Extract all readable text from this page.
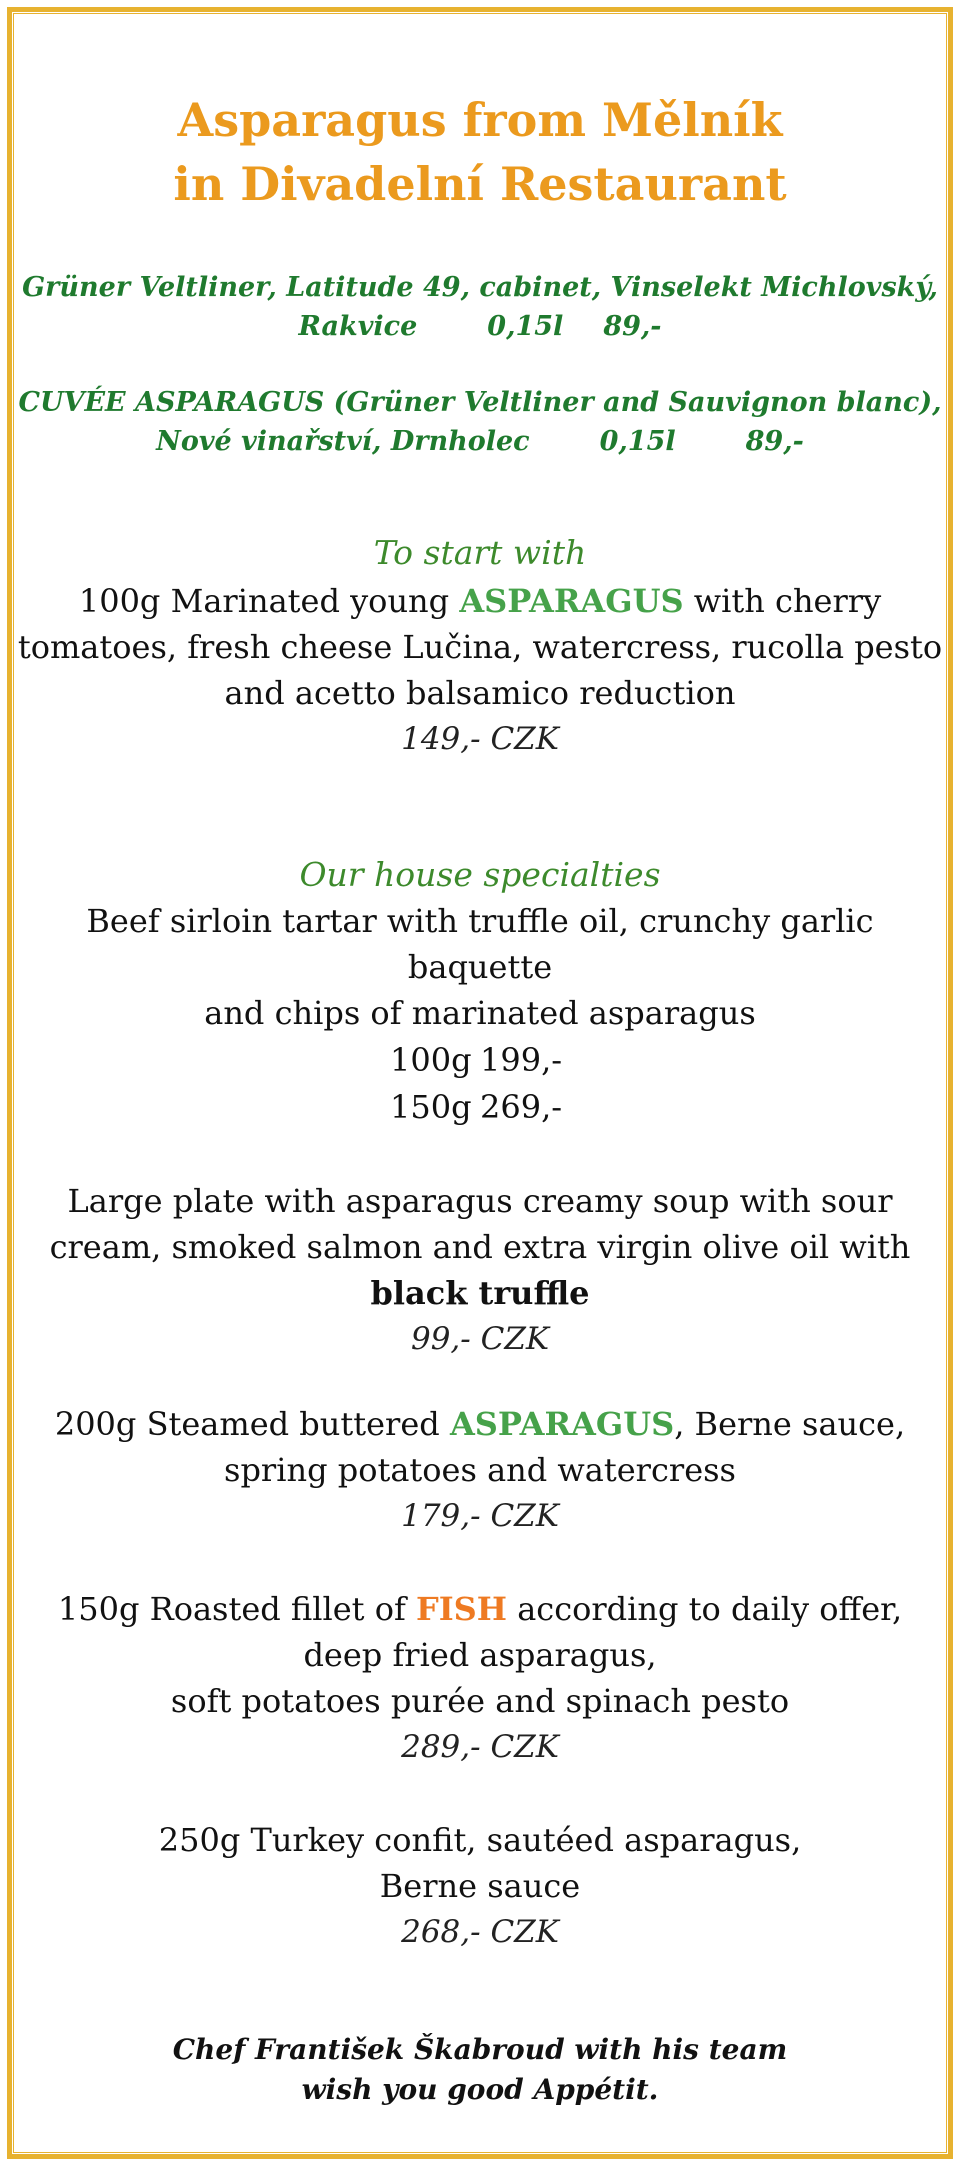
Asparagus from Mělník
in Divadelní Restaurant
Grüner Veltliner, Latitude 49, cabinet, Vinselekt Michlovský,
Rakvice	0,15l 89,-
CUVÉE ASPARAGUS (Grüner Veltliner and Sauvignon blanc),
Nové vinařství, Drnholec	0,15l	89,-
To start with
100g Marinated young ASPARAGUS with cherry
tomatoes, fresh cheese Lučina, watercress, rucolla pesto
and acetto balsamico reduction
149,- CZK
Our house specialties
Beef sirloin tartar with truffle oil, crunchy garlic
baquette
and chips of marinated asparagus
100g 199,-
150g 269,-
Large plate with asparagus creamy soup with sour
cream, smoked salmon and extra virgin olive oil with
black truffle
99,- CZK
200g Steamed buttered ASPARAGUS, Berne sauce,
spring potatoes and watercress
179,- CZK
150g Roasted fillet of FISH according to daily offer,
deep fried asparagus,
soft potatoes purée and spinach pesto
289,- CZK
250g Turkey confit, sautéed asparagus,
Berne sauce
268,- CZK
Chef František Škabroud with his team
wish you good Appétit.
